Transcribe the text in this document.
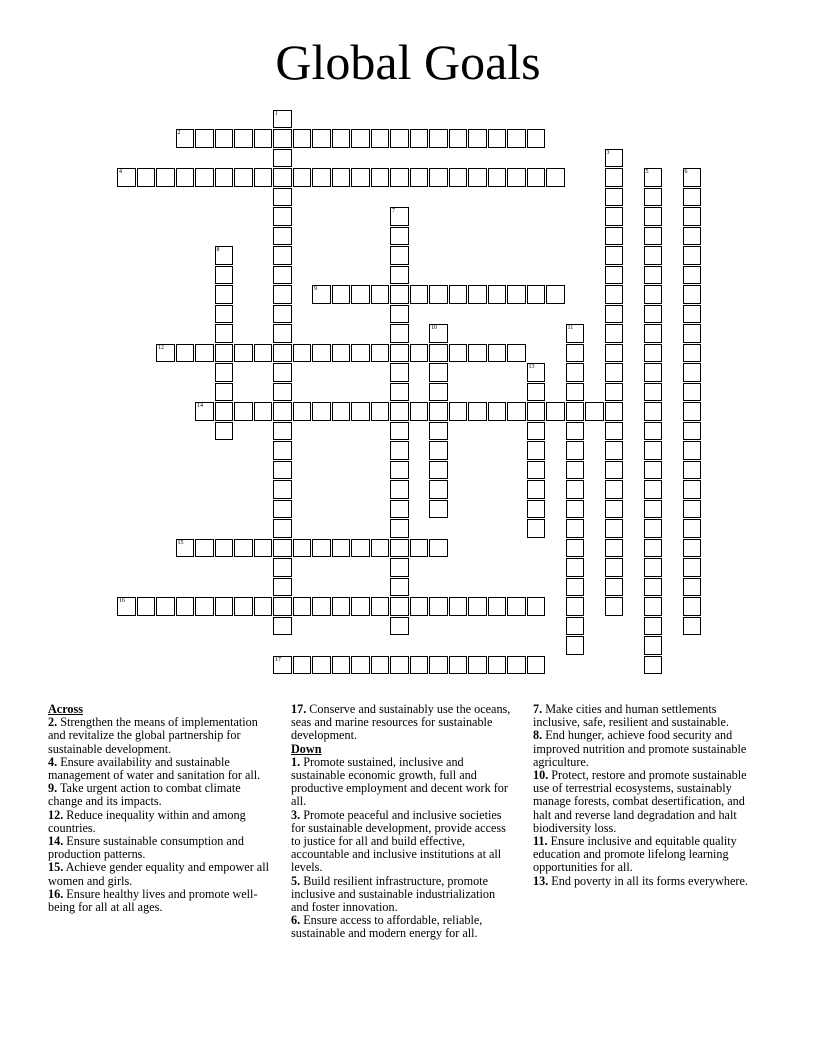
Global Goals
2
4
9
12
14
15
16
17
1
3
5	6
7
8
10	11
13

Across

2. Strengthen the means of implementation and revitalize the global partnership for sustainable development.

4. Ensure availability and sustainable management of water and sanitation for all.

9. Take urgent action to combat climate change and its impacts.

12. Reduce inequality within and among countries.

14. Ensure sustainable consumption and production patterns.

15. Achieve gender equality and empower all women and girls.

16. Ensure healthy lives and promote well-being for all at all ages.

17. Conserve and sustainably use the oceans, seas and marine resources for sustainable development.

Down

1. Promote sustained, inclusive and sustainable economic growth, full and productive employment and decent work for all.

3. Promote peaceful and inclusive societies for sustainable development, provide access to justice for all and build effective, accountable and inclusive institutions at all levels.

5. Build resilient infrastructure, promote inclusive and sustainable industrialization and foster innovation.

6. Ensure access to affordable, reliable, sustainable and modern energy for all.

7. Make cities and human settlements inclusive, safe, resilient and sustainable.

8. End hunger, achieve food security and improved nutrition and promote sustainable agriculture.

10. Protect, restore and promote sustainable use of terrestrial ecosystems, sustainably manage forests, combat desertification, and halt and reverse land degradation and halt biodiversity loss.

11. Ensure inclusive and equitable quality education and promote lifelong learning opportunities for all.

13. End poverty in all its forms everywhere.
